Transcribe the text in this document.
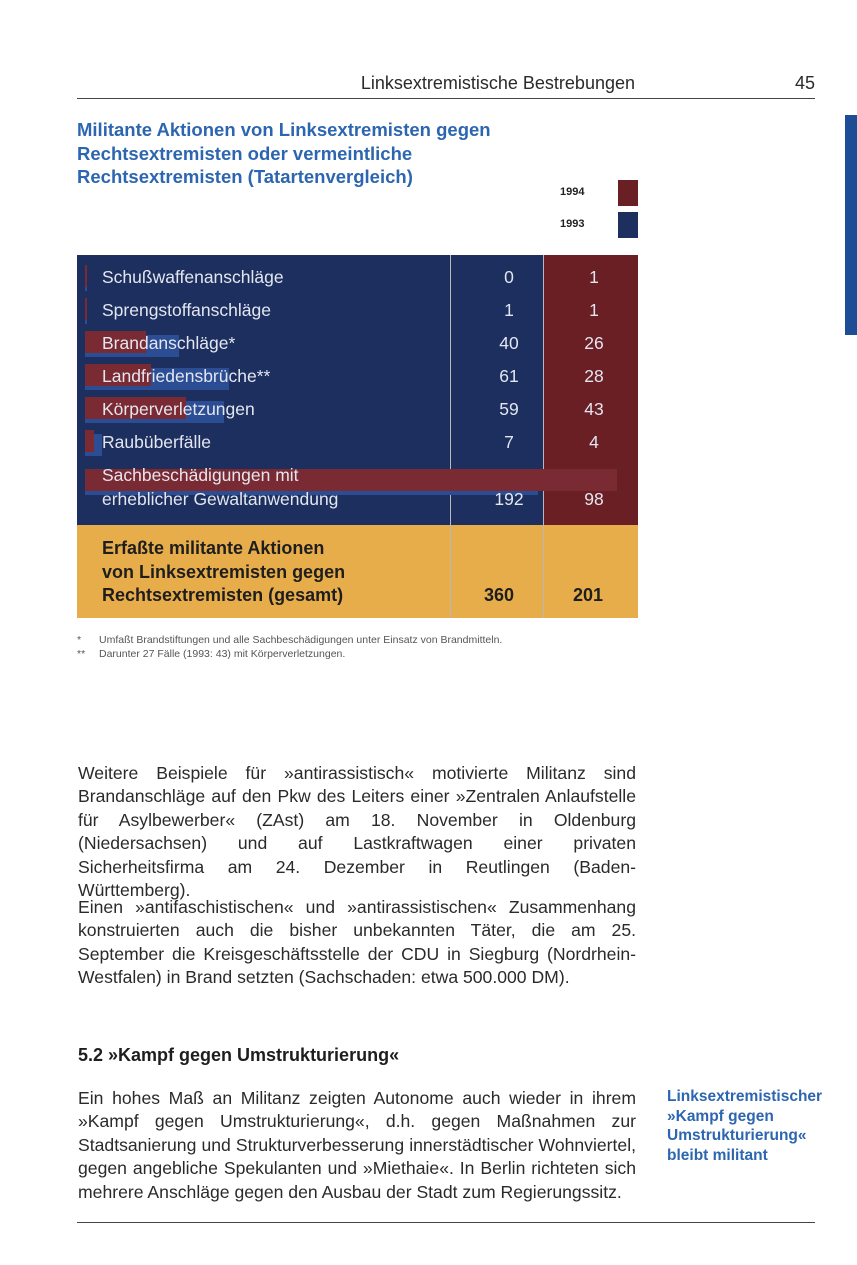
Linksextremistische Bestrebungen	45
Militante Aktionen von Linksextremisten gegen Rechtsextremisten oder vermeintliche Rechtsextremisten (Tatartenvergleich)
1994
1993
Schußwaffenanschläge	0	1
Sprengstoffanschläge	1	1
Brandanschläge*	40	26
Landfriedensbrüche**	61	28
Körperverletzungen	59	43
Raubüberfälle	7	4
Sachbeschädigungen mit
erheblicher Gewaltanwendung	192	98
Erfaßte militante Aktionen
von Linksextremisten gegen
Rechtsextremisten (gesamt)	360	201
* Umfaßt Brandstiftungen und alle Sachbeschädigungen unter Einsatz von Brandmitteln.
** Darunter 27 Fälle (1993: 43) mit Körperverletzungen.

Weitere Beispiele für »antirassistisch« motivierte Militanz sind Brandanschläge auf den Pkw des Leiters einer »Zentralen Anlaufstelle für Asylbewerber« (ZAst) am 18. November in Oldenburg (Niedersachsen) und auf Lastkraftwagen einer privaten Sicherheitsfirma am 24. Dezember in Reutlingen (Baden-Württemberg).

Einen »antifaschistischen« und »antirassistischen« Zusammenhang konstruierten auch die bisher unbekannten Täter, die am 25. September die Kreisgeschäftsstelle der CDU in Siegburg (Nordrhein-Westfalen) in Brand setzten (Sachschaden: etwa 500.000 DM).

5.2 »Kampf gegen Umstrukturierung«

Ein hohes Maß an Militanz zeigten Autonome auch wieder in ihrem »Kampf gegen Umstrukturierung«, d.h. gegen Maßnahmen zur Stadtsanierung und Strukturverbesserung innerstädtischer Wohnviertel, gegen angebliche Spekulanten und »Miethaie«. In Berlin richteten sich mehrere Anschläge gegen den Ausbau der Stadt zum Regierungssitz.

Linksextremistischer »Kampf gegen Umstrukturierung« bleibt militant
